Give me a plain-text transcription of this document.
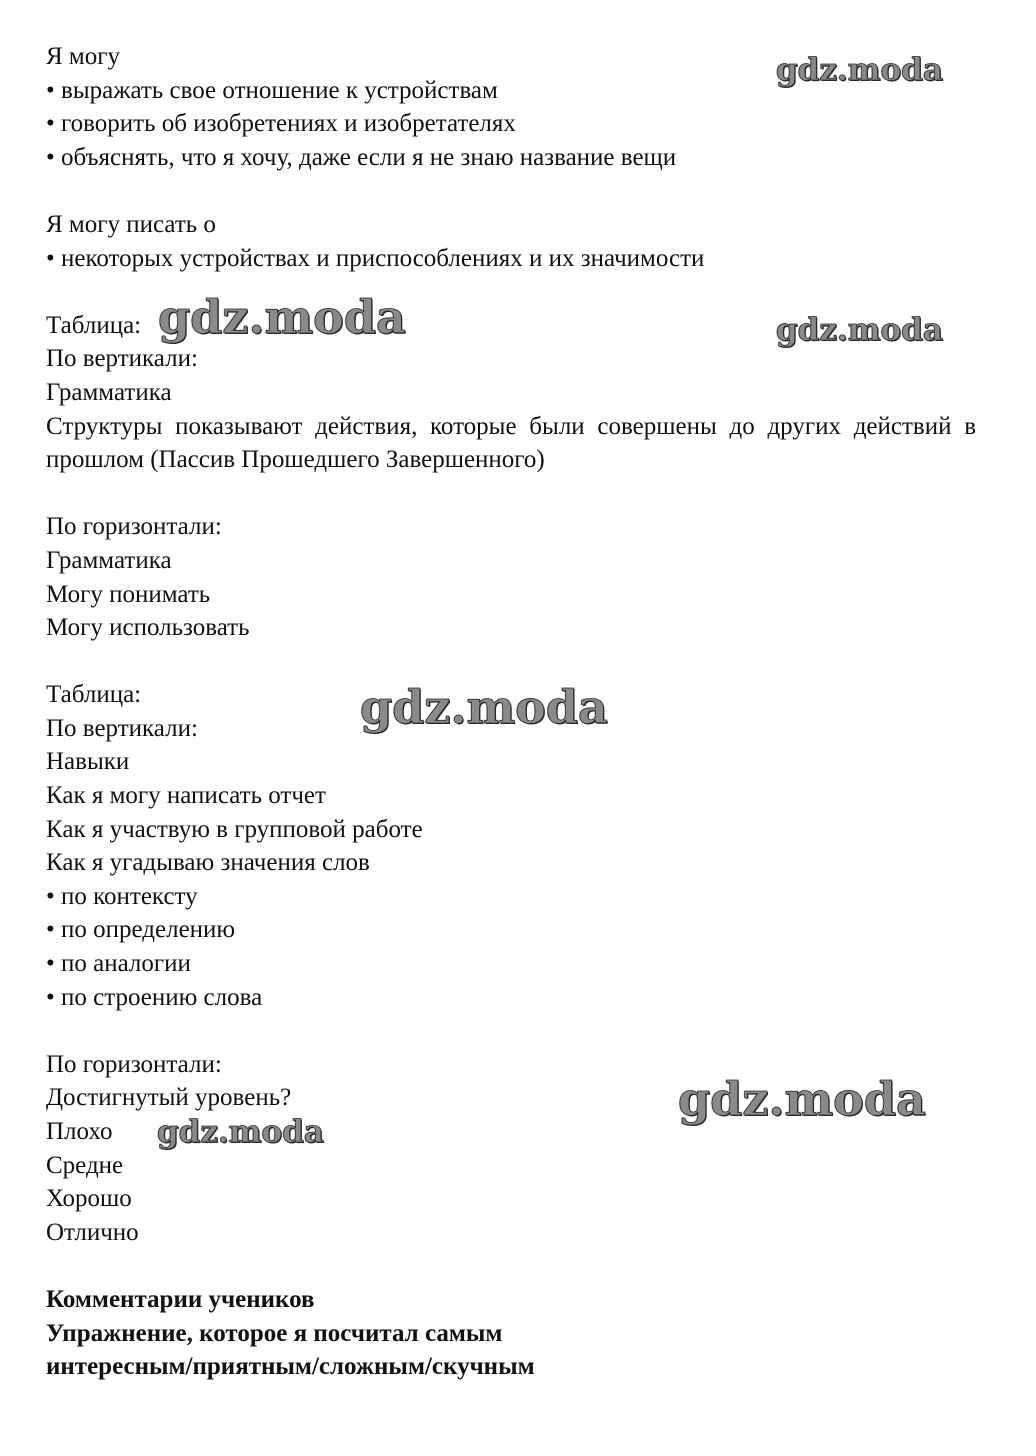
Я могу
• выражать свое отношение к устройствам
• говорить об изобретениях и изобретателях
• объяснять, что я хочу, даже если я не знаю название вещи
Я могу писать о
• некоторых устройствах и приспособлениях и их значимости
Таблица:
По вертикали:
Грамматика
Структуры показывают действия, которые были совершены до других действий в прошлом (Пассив Прошедшего Завершенного)
По горизонтали:
Грамматика
Могу понимать
Могу использовать
Таблица:
По вертикали:
Навыки
Как я могу написать отчет
Как я участвую в групповой работе
Как я угадываю значения слов
• по контексту
• по определению
• по аналогии
• по строению слова
По горизонтали:
Достигнутый уровень?
Плохо
Средне
Хорошо
Отлично
Комментарии учеников
Упражнение, которое я посчитал самым
интересным/приятным/сложным/скучным
gdz.moda
gdz.moda	gdz.moda
gdz.moda
gdz.moda
gdz.moda
